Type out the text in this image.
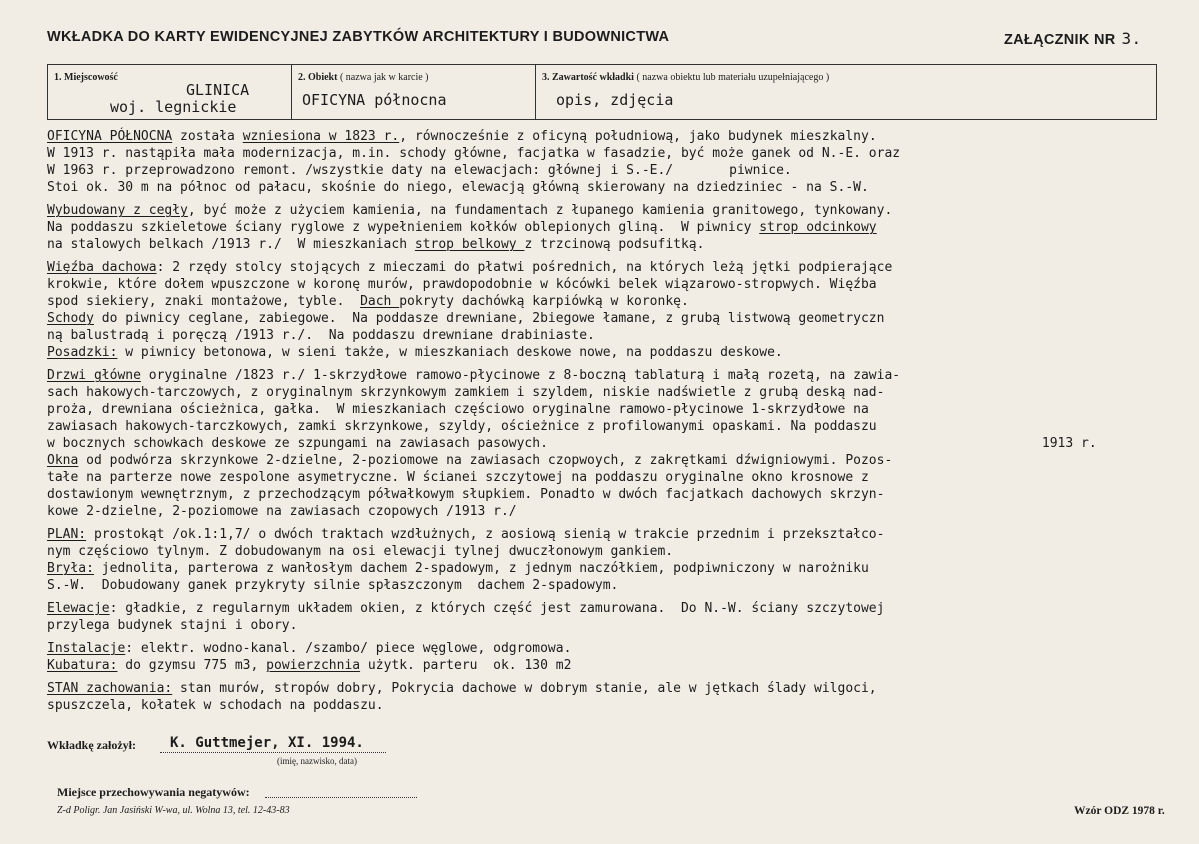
WKŁADKA DO KARTY EWIDENCYJNEJ ZABYTKÓW ARCHITEKTURY I BUDOWNICTWA	ZAŁĄCZNIK NR 3.
1. Miejscowość
GLINICA
woj. legnickie
2. Obiekt ( nazwa jak w karcie )
OFICYNA północna
3. Zawartość wkładki ( nazwa obiektu lub materiału uzupełniającego )
opis, zdjęcia
OFICYNA PÓŁNOCNA została wzniesiona w 1823 r., równocześnie z oficyną południową, jako budynek mieszkalny.
W 1913 r. nastąpiła mała modernizacja, m.in. schody główne, facjatka w fasadzie, być może ganek od N.-E. oraz
W 1963 r. przeprowadzono remont. /wszystkie daty na elewacjach: głównej i S.-E./	piwnice.
Stoi ok. 30 m na północ od pałacu, skośnie do niego, elewacją główną skierowany na dziedziniec - na S.-W.
Wybudowany z cegły, być może z użyciem kamienia, na fundamentach z łupanego kamienia granitowego, tynkowany.
Na poddaszu szkieletowe ściany ryglowe z wypełnieniem kołków oblepionych gliną.  W piwnicy strop odcinkowy
na stalowych belkach /1913 r./  W mieszkaniach strop belkowy z trzcinową podsufitką.
Więźba dachowa: 2 rzędy stolcy stojących z mieczami do płatwi pośrednich, na których leżą jętki podpierające
krokwie, które dołem wpuszczone w koronę murów, prawdopodobnie w kócówki belek wiązarowo-stropwych. Więźba
spod siekiery, znaki montażowe, tyble.  Dach pokryty dachówką karpiówką w koronkę.
Schody do piwnicy ceglane, zabiegowe.  Na poddasze drewniane, 2biegowe łamane, z grubą listwową geometryczn
ną balustradą i poręczą /1913 r./.  Na poddaszu drewniane drabiniaste.
Posadzki: w piwnicy betonowa, w sieni także, w mieszkaniach deskowe nowe, na poddaszu deskowe.
Drzwi główne oryginalne /1823 r./ 1-skrzydłowe ramowo-płycinowe z 8-boczną tablaturą i małą rozetą, na zawia-
sach hakowych-tarczowych, z oryginalnym skrzynkowym zamkiem i szyldem, niskie nadświetle z grubą deską nad-
proża, drewniana ościeżnica, gałka.  W mieszkaniach częściowo oryginalne ramowo-płycinowe 1-skrzydłowe na
zawiasach hakowych-tarczkowych, zamki skrzynkowe, szyldy, ościeżnice z profilowanymi opaskami. Na poddaszu
w bocznych schowkach deskowe ze szpungami na zawiasach pasowych.	1913 r.
Okna od podwórza skrzynkowe 2-dzielne, 2-poziomowe na zawiasach czopwoych, z zakrętkami dźwigniowymi. Pozos-
tałe na parterze nowe zespolone asymetryczne. W ścianei szczytowej na poddaszu oryginalne okno krosnowe z
dostawionym wewnętrznym, z przechodzącym półwałkowym słupkiem. Ponadto w dwóch facjatkach dachowych skrzyn-
kowe 2-dzielne, 2-poziomowe na zawiasach czopowych /1913 r./
PLAN: prostokąt /ok.1:1,7/ o dwóch traktach wzdłużnych, z aosiową sienią w trakcie przednim i przekształco-
nym częściowo tylnym. Z dobudowanym na osi elewacji tylnej dwuczłonowym gankiem.
Bryła: jednolita, parterowa z wanłosłym dachem 2-spadowym, z jednym naczółkiem, podpiwniczony w narożniku
S.-W.  Dobudowany ganek przykryty silnie spłaszczonym  dachem 2-spadowym.
Elewacje: gładkie, z regularnym układem okien, z których część jest zamurowana.  Do N.-W. ściany szczytowej
przylega budynek stajni i obory.
Instalacje: elektr. wodno-kanal. /szambo/ piece węglowe, odgromowa.
Kubatura: do gzymsu 775 m3, powierzchnia użytk. parteru  ok. 130 m2
STAN zachowania: stan murów, stropów dobry, Pokrycia dachowe w dobrym stanie, ale w jętkach ślady wilgoci,
spuszczela, kołatek w schodach na poddaszu.
Wkładkę założył: K. Guttmejer, XI. 1994.
(imię, nazwisko, data)
Miejsce przechowywania negatywów:
Z-d Poligr. Jan Jasiński W-wa, ul. Wolna 13, tel. 12-43-83	Wzór ODZ 1978 r.
